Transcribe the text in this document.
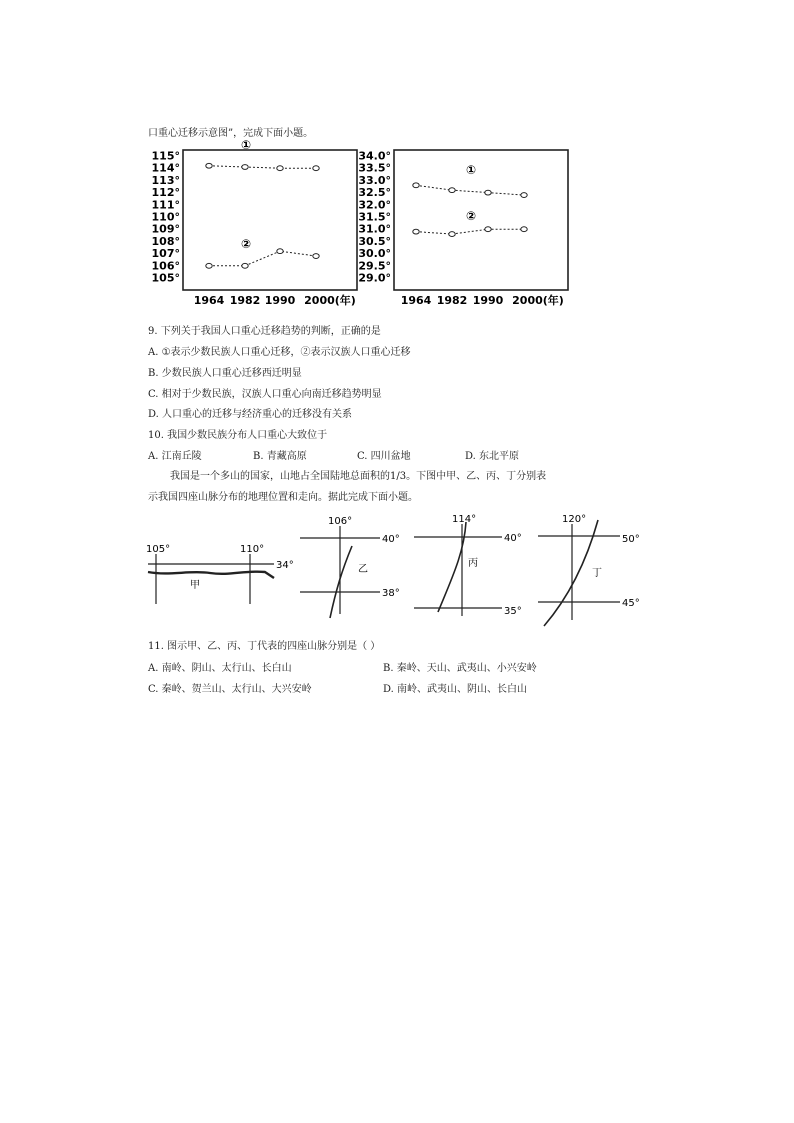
口重心迁移示意图”，完成下面小题。
115°
114°
113°
112°
111°
110°
109°
108°
107°
106°
105°
①
②
1964 1982 1990 2000(年)
34.0°
33.5°
33.0°
32.5°
32.0°
31.5°
31.0°
30.5°
30.0°
29.5°
29.0°
①
②
1964 1982 1990 2000(年)
9. 下列关于我国人口重心迁移趋势的判断，正确的是
A. ①表示少数民族人口重心迁移，②表示汉族人口重心迁移
B. 少数民族人口重心迁移西迁明显
C. 相对于少数民族，汉族人口重心向南迁移趋势明显
D. 人口重心的迁移与经济重心的迁移没有关系
10. 我国少数民族分布人口重心大致位于
A. 江南丘陵	B. 青藏高原	C. 四川盆地	D. 东北平原
我国是一个多山的国家，山地占全国陆地总面积的1/3。下图中甲、乙、丙、丁分别表
示我国四座山脉分布的地理位置和走向。据此完成下面小题。
105°	110°
34°
甲
106°
40°
38°
乙
114°
40°
35°
丙
120°
50°
45°
丁
11. 图示甲、乙、丙、丁代表的四座山脉分别是（ ）
A. 南岭、阴山、太行山、长白山	B. 秦岭、天山、武夷山、小兴安岭
C. 秦岭、贺兰山、太行山、大兴安岭	D. 南岭、武夷山、阴山、长白山
